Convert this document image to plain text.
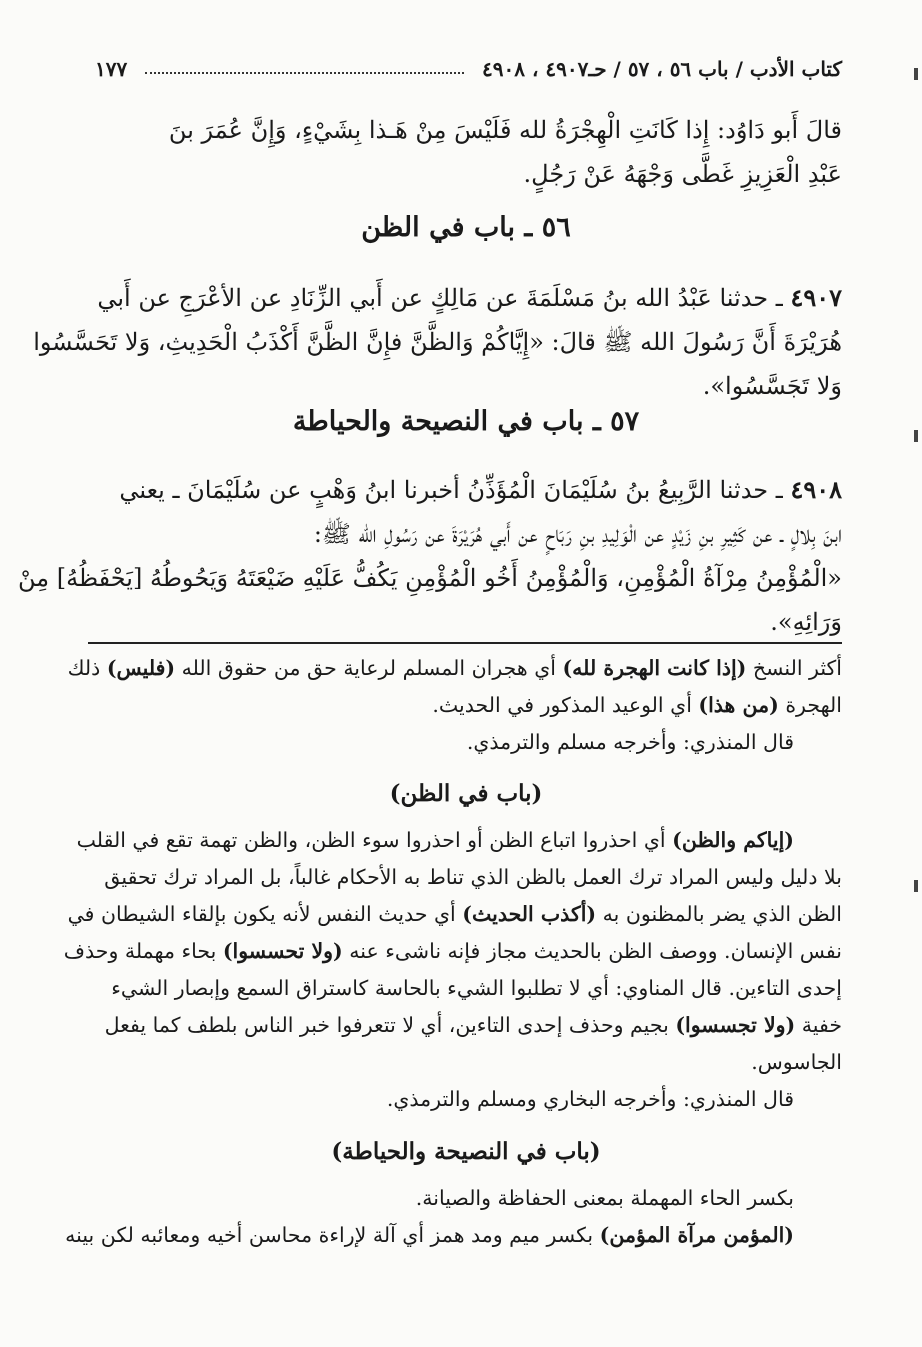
كتاب الأدب / باب ٥٦ ، ٥٧ / حـ٤٩٠٧ ، ٤٩٠٨
١٧٧
قالَ أَبو دَاوُد: إِذا كَانَتِ الْهِجْرَةُ لله فَلَيْسَ مِنْ هَـذا بِشَيْءٍ، وَإِنَّ عُمَرَ بنَ
عَبْدِ الْعَزِيزِ غَطَّى وَجْهَهُ عَنْ رَجُلٍ.
٥٦ ـ باب في الظن
٤٩٠٧ ـ حدثنا عَبْدُ الله بنُ مَسْلَمَةَ عن مَالِكٍ عن أَبي الزِّنَادِ عن الأعْرَجِ عن أَبي
هُرَيْرَةَ أَنَّ رَسُولَ الله ﷺ قالَ: «إِيَّاكُمْ وَالظَّنَّ فإِنَّ الظَّنَّ أَكْذَبُ الْحَدِيثِ، وَلا تَحَسَّسُوا
وَلا تَجَسَّسُوا».
٥٧ ـ باب في النصيحة والحياطة
٤٩٠٨ ـ حدثنا الرَّبِيعُ بنُ سُلَيْمَانَ الْمُؤَذِّنُ أخبرنا ابنُ وَهْبٍ عن سُلَيْمَانَ ـ يعني
ابنَ بِلالٍ ـ عن كَثِيرِ بنِ زَيْدٍ عن الْوَلِيدِ بنِ رَبَاحٍ عن أَبي هُرَيْرَةَ عن رَسُولِ الله ﷺ:
«الْمُؤْمِنُ مِرْآةُ الْمُؤْمِنِ، وَالْمُؤْمِنُ أَخُو الْمُؤْمِنِ يَكُفُّ عَلَيْهِ ضَيْعَتَهُ وَيَحُوطُهُ [يَحْفَظُهُ] مِنْ
وَرَائِهِ».
أكثر النسخ (إذا كانت الهجرة لله) أي هجران المسلم لرعاية حق من حقوق الله (فليس) ذلك
الهجرة (من هذا) أي الوعيد المذكور في الحديث.
قال المنذري: وأخرجه مسلم والترمذي.
(باب في الظن)
(إياكم والظن) أي احذروا اتباع الظن أو احذروا سوء الظن، والظن تهمة تقع في القلب
بلا دليل وليس المراد ترك العمل بالظن الذي تناط به الأحكام غالباً، بل المراد ترك تحقيق
الظن الذي يضر بالمظنون به (أكذب الحديث) أي حديث النفس لأنه يكون بإلقاء الشيطان في
نفس الإنسان. ووصف الظن بالحديث مجاز فإنه ناشىء عنه (ولا تحسسوا) بحاء مهملة وحذف
إحدى التاءين. قال المناوي: أي لا تطلبوا الشيء بالحاسة كاستراق السمع وإبصار الشيء
خفية (ولا تجسسوا) بجيم وحذف إحدى التاءين، أي لا تتعرفوا خبر الناس بلطف كما يفعل
الجاسوس.
قال المنذري: وأخرجه البخاري ومسلم والترمذي.
(باب في النصيحة والحياطة)
بكسر الحاء المهملة بمعنى الحفاظة والصيانة.
(المؤمن مرآة المؤمن) بكسر ميم ومد همز أي آلة لإراءة محاسن أخيه ومعائبه لكن بينه
